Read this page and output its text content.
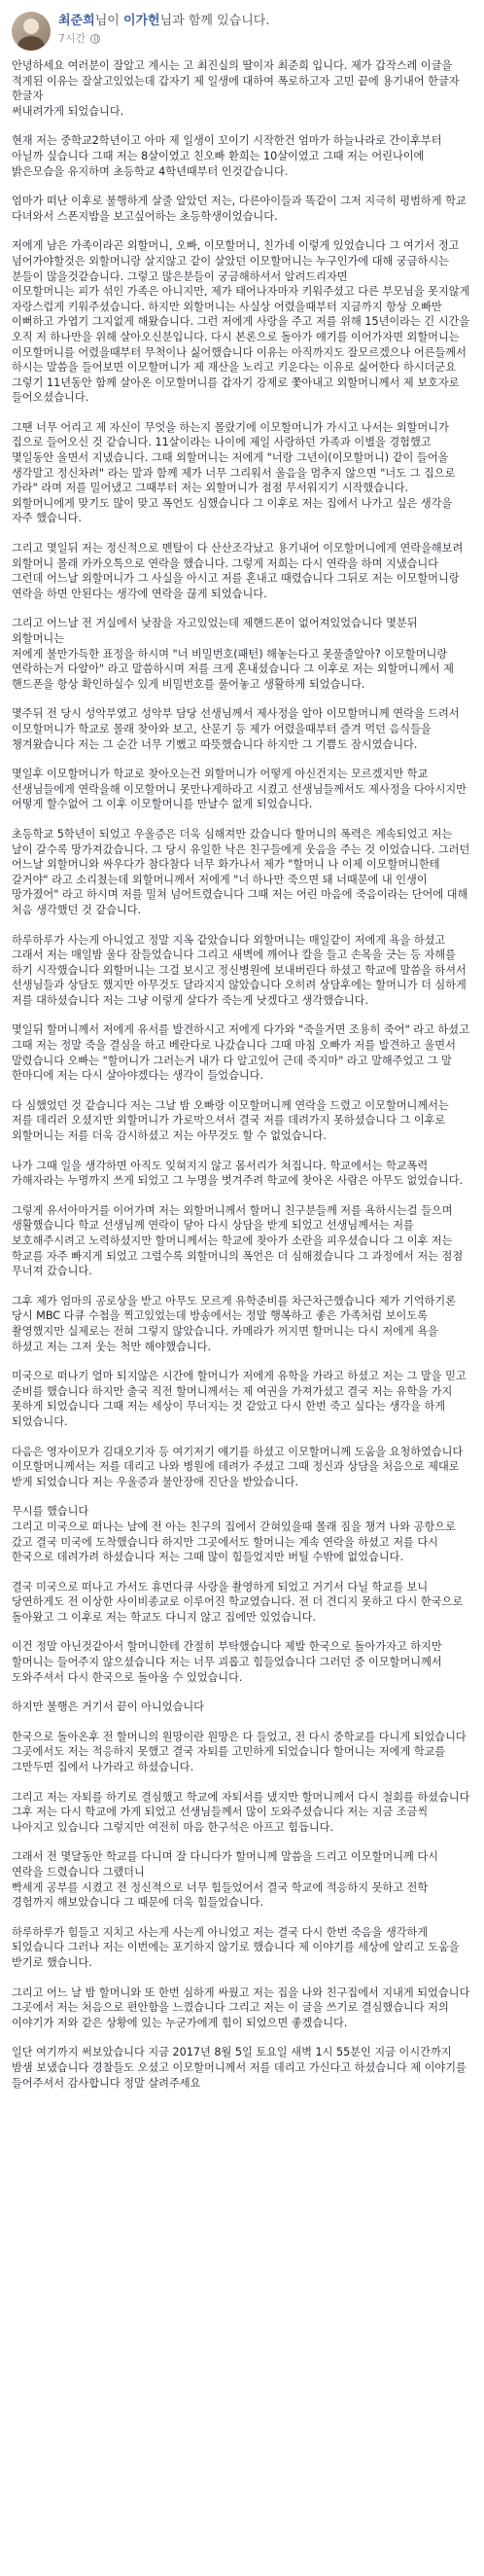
최준희님이 이가헌님과 함께 있습니다.
7시간

안녕하세요 여러분이 잘알고 계시는 고 최진실의 딸이자 최준희 입니다. 제가 갑작스레 이글을 적게된 이유는 잘살고있었는데 갑자기 제 일생에 대하여 폭로하고자 고민 끝에 용기내어 한글자 한글자
써내려가게 되었습니다.

현재 저는 중학교2학년이고 아마 제 일생이 꼬이기 시작한건 엄마가 하늘나라로 간이후부터 아닐까 싶습니다 그때 저는 8살이였고 친오빠 환희는 10살이였고 그때 저는 어린나이에 밝은모습을 유지하며 초등학교 4학년때부터 인것같습니다.

엄마가 떠난 이후로 불행하게 살줄 알았던 저는, 다른아이들과 똑같이 그저 지극히 평범하게 학교 다녀와서 스폰지밥을 보고싶어하는 초등학생이었습니다.

저에게 남은 가족이라곤 외할머니, 오빠, 이모할머니, 친가네 이렇게 있었습니다 그 여기서 정고 넘어가야할것은 외할머니랑 살지않고 같이 살았던 이모할머니는 누구인가에 대해 궁금하시는 분들이 많을것같습니다. 그렇고 많은분들이 궁금해하셔서 알려드리자면
이모할머니는 피가 섞인 가족은 아니지만, 제가 태어나자마자 키워주셨고 다른 부모님을 못지않게 자랑스럽게 키워주셨습니다. 하지만 외할머니는 사실상 어렸을때부터 지금까지 항상 오빠만 이뻐하고 가엽기 그지없게 해왔습니다. 그런 저에게 사랑을 주고 저를 위해 15년이라는 긴 시간을 오직 저 하나만을 위해 살아오신분입니다. 다시 본론으로 돌아가 얘기를 이어가자면 외할머니는 이모할머니를 어렸을때부터 무척이나 싫어했습니다 이유는 아직까지도 잘모르겠으나 어른들께서 하시는 말씀을 들어보면 이모할머니가 제 재산을 노리고 키운다는 이유로 싫어한다 하시더군요 그렇기 11년동안 함께 살아온 이모할머니를 갑자기 강제로 쫓아내고 외할머니께서 제 보호자로 들어오셨습니다.

그땐 너무 어리고 제 자신이 무엇을 하는지 몰랐기에 이모할머니가 가시고 나서는 외할머니가 집으로 들어오신 것 같습니다. 11살이라는 나이에 제일 사랑하던 가족과 이별을 경험했고 몇일동안 울면서 지냈습니다. 그때 외할머니는 저에게 "너랑 그년이(이모할머니) 같이 들어올 생각말고 정신차려" 라는 말과 함께 제가 너무 그리워서 울음을 멈추지 않으면 "너도 그 집으로 가라" 라며 저를 밀어냈고 그때부터 저는 외할머니가 점점 무서워지기 시작했습니다. 외할머니에게 맞기도 많이 맞고 폭언도 심했습니다 그 이후로 저는 집에서 나가고 싶은 생각을 자주 했습니다.

그리고 몇일뒤 저는 정신적으로 멘탈이 다 산산조각났고 용기내어 이모할머니에게 연락을해보려 외할머니 몰래 카카오톡으로 연락을 했습니다. 그렇게 저희는 다시 연락을 하며 지냈습니다 그런데 어느날 외할머니가 그 사실을 아시고 저를 혼내고 때렸습니다 그뒤로 저는 이모할머니랑 연락을 하면 안된다는 생각에 연락을 끊게 되었습니다.

그리고 어느날 전 거실에서 낮잠을 자고있었는데 제핸드폰이 없어져있었습니다 몇분뒤 외할머니는
저에게 불만가득한 표정을 하시며 "너 비밀번호(패턴) 해놓는다고 못풀줄알아? 이모할머니랑 연락하는거 다알아" 라고 말씀하시며 저를 크게 혼내셨습니다 그 이후로 저는 외할머니께서 제 핸드폰을 항상 확인하실수 있게 비밀번호를 풀어놓고 생활하게 되었습니다.

몇주뒤 전 당시 성악부였고 성악부 담당 선생님께서 제사정을 알아 이모할머니께 연락을 드려서 이모할머니가 학교로 몰래 찾아와 보고, 산문기 등 제가 어렸을때부터 즐겨 먹던 음식들을 챙겨왔습니다 저는 그 순간 너무 기뻤고 따뜻했습니다 하지만 그 기쁨도 잠시였습니다.

몇일후 이모할머니가 학교로 찾아오는건 외할머니가 어떻게 아신건지는 모르겠지만 학교 선생님들에게 연락을해 이모할머니 못만나게하라고 시켰고 선생님들께서도 제사정을 다아시지만 어떻게 할수없어 그 이후 이모할머니를 만날수 없게 되었습니다.

초등학교 5학년이 되었고 우울증은 더욱 심해져만 갔습니다 할머니의 폭력은 계속되었고 저는 날이 갈수록 망가져갔습니다. 그 당시 유일한 낙은 친구들에게 웃음을 주는 것 이었습니다. 그러던 어느날 외할머니와 싸우다가 참다참다 너무 화가나서 제가 "할머니 나 이제 이모할머니한테 갈거야" 라고 소리쳤는데 외할머니께서 저에게 "너 하나만 죽으면 돼 너때문에 내 인생이 망가졌어" 라고 하시며 저를 밀쳐 넘어트렸습니다 그때 저는 어린 마음에 죽음이라는 단어에 대해 처음 생각했던 것 같습니다.

하루하루가 사는게 아니었고 정말 지옥 같았습니다 외할머니는 매일같이 저에게 욕을 하셨고 그래서 저는 매일밤 울다 잠들었습니다 그리고 새벽에 깨어나 칼을 들고 손목을 긋는 등 자해를 하기 시작했습니다 외할머니는 그걸 보시고 정신병원에 보내버린다 하셨고 학교에 말씀을 하셔서 선생님들과 상담도 했지만 아무것도 달라지지 않았습니다 오히려 상담후에는 할머니가 더 심하게 저를 대하셨습니다 저는 그냥 이렇게 살다가 죽는게 낫겠다고 생각했습니다.

몇일뒤 할머니께서 저에게 유서를 발견하시고 저에게 다가와 "죽을거면 조용히 죽어" 라고 하셨고 그때 저는 정말 죽을 결심을 하고 베란다로 나갔습니다 그때 마침 오빠가 저를 발견하고 울면서 말렸습니다 오빠는 "할머니가 그러는거 내가 다 알고있어 근데 죽지마" 라고 말해주었고 그 말 한마디에 저는 다시 살아야겠다는 생각이 들었습니다.

다 심했었던 것 같습니다 저는 그날 밤 오빠랑 이모할머니께 연락을 드렸고 이모할머니께서는 저를 데리러 오셨지만 외할머니가 가로막으셔서 결국 저를 데려가지 못하셨습니다 그 이후로 외할머니는 저를 더욱 감시하셨고 저는 아무것도 할 수 없었습니다.

나가 그때 일을 생각하면 아직도 잊혀지지 않고 몸서리가 쳐집니다. 학교에서는 학교폭력 가해자라는 누명까지 쓰게 되었고 그 누명을 벗겨주려 학교에 찾아온 사람은 아무도 없었습니다.

그렇게 유서아마거를 이어가며 저는 외할머니께서 할머니 친구분들께 저를 욕하시는걸 들으며 생활했습니다 학교 선생님께 연락이 닿아 다시 상담을 받게 되었고 선생님께서는 저를 보호해주시려고 노력하셨지만 할머니께서는 학교에 찾아가 소란을 피우셨습니다 그 이후 저는 학교를 자주 빠지게 되었고 그럴수록 외할머니의 폭언은 더 심해졌습니다 그 과정에서 저는 점점 무너져 갔습니다.

그후 제가 엄마의 공로상을 받고 아무도 모르게 유학준비를 차근차근했습니다 제가 기억하기론 당시 MBC 다큐 수첩을 찍고있었는데 방송에서는 정말 행복하고 좋은 가족처럼 보이도록 촬영했지만 실제로는 전혀 그렇지 않았습니다. 카메라가 꺼지면 할머니는 다시 저에게 욕을 하셨고 저는 그저 웃는 척만 해야했습니다.

미국으로 떠나기 얼마 되지않은 시간에 할머니가 저에게 유학을 가라고 하셨고 저는 그 말을 믿고 준비를 했습니다 하지만 출국 직전 할머니께서는 제 여권을 가져가셨고 결국 저는 유학을 가지 못하게 되었습니다 그때 저는 세상이 무너지는 것 같았고 다시 한번 죽고 싶다는 생각을 하게 되었습니다.

다음은 영자이모가 김대오기자 등 여기저기 얘기를 하셨고 이모할머니께 도움을 요청하였습니다 이모할머니께서는 저를 데리고 나와 병원에 데려가 주셨고 그때 정신과 상담을 처음으로 제대로 받게 되었습니다 저는 우울증과 불안장애 진단을 받았습니다.

무시를 했습니다
그리고 미국으로 떠나는 날에 전 아는 친구의 집에서 갇혀있을때 몰래 짐을 챙겨 나와 공항으로 갔고 결국 미국에 도착했습니다 하지만 그곳에서도 할머니는 계속 연락을 하셨고 저를 다시 한국으로 데려가려 하셨습니다 저는 그때 많이 힘들었지만 버틸 수밖에 없었습니다.

결국 미국으로 떠나고 가서도 휴먼다큐 사랑을 촬영하게 되었고 거기서 다닐 학교를 보니 당연하게도 전 이상한 사이비종교로 이루어진 학교였습니다. 전 더 견디지 못하고 다시 한국으로 돌아왔고 그 이후로 저는 학교도 다니지 않고 집에만 있었습니다.

이건 정말 아닌것같아서 할머니한테 간절히 부탁했습니다 제발 한국으로 돌아가자고 하지만 할머니는 들어주지 않으셨습니다 저는 너무 괴롭고 힘들었습니다 그러던 중 이모할머니께서 도와주셔서 다시 한국으로 돌아올 수 있었습니다.

하지만 불행은 거기서 끝이 아니었습니다

한국으로 돌아온후 전 할머니의 원망이란 원망은 다 들었고, 전 다시 중학교를 다니게 되었습니다 그곳에서도 저는 적응하지 못했고 결국 자퇴를 고민하게 되었습니다 할머니는 저에게 학교를 그만두면 집에서 나가라고 하셨습니다.

그리고 저는 자퇴를 하기로 결심했고 학교에 자퇴서를 냈지만 할머니께서 다시 철회를 하셨습니다 그후 저는 다시 학교에 가게 되었고 선생님들께서 많이 도와주셨습니다 저는 지금 조금씩 나아지고 있습니다 그렇지만 여전히 마음 한구석은 아프고 힘듭니다.

그래서 전 몇달동안 학교를 다니며 잘 다니다가 할머니께 말씀을 드리고 이모할머니께 다시 연락을 드렸습니다 그랬더니
빡세게 공부를 시켰고 전 정신적으로 너무 힘들었어서 결국 학교에 적응하지 못하고 전학 경험까지 해보았습니다 그 때문에 더욱 힘들었습니다.

하루하루가 힘들고 지치고 사는게 사는게 아니었고 저는 결국 다시 한번 죽음을 생각하게 되었습니다 그러나 저는 이번에는 포기하지 않기로 했습니다 제 이야기를 세상에 알리고 도움을 받기로 했습니다.

그리고 어느 날 밤 할머니와 또 한번 심하게 싸웠고 저는 집을 나와 친구집에서 지내게 되었습니다 그곳에서 저는 처음으로 편안함을 느꼈습니다 그리고 저는 이 글을 쓰기로 결심했습니다 저의 이야기가 저와 같은 상황에 있는 누군가에게 힘이 되었으면 좋겠습니다.

일단 여기까지 써보았습니다 지금 2017년 8월 5일 토요일 새벽 1시 55분인 지금 이시간까지 밤샘 보냈습니다 경찰들도 오셨고 이모할머니께서 저를 데리고 가신다고 하셨습니다 제 이야기를 들어주셔서 감사합니다 정말 살려주세요
